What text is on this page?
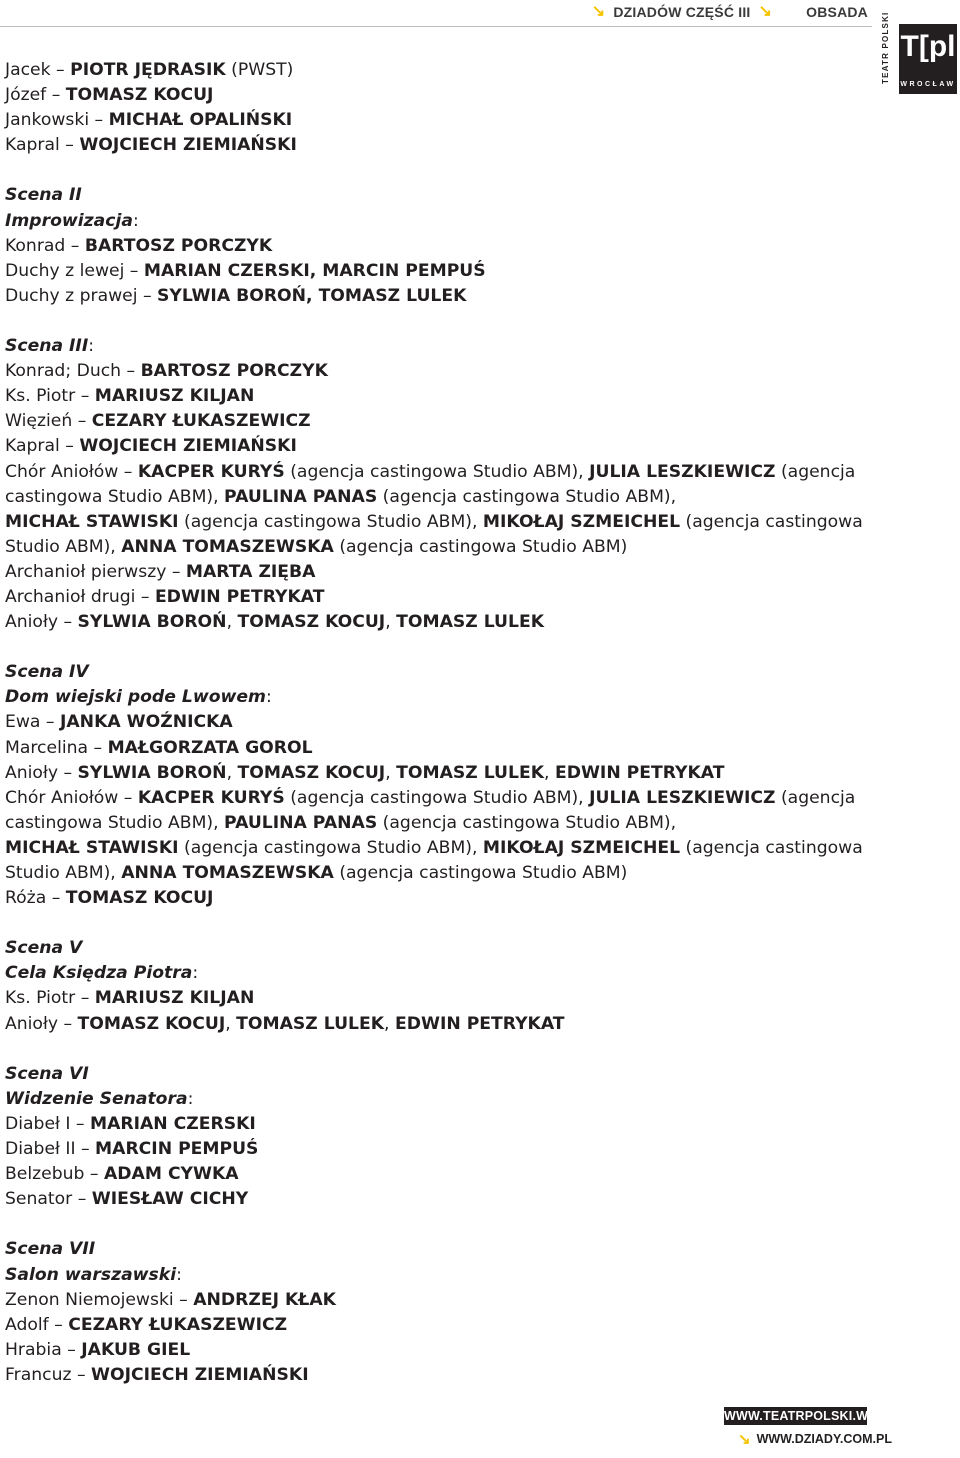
↘ DZIADÓW CZĘŚĆ III ↘ OBSADA TEATR POLSKI T[pl
WROCŁAW
Jacek – PIOTR JĘDRASIK (PWST)
Józef – TOMASZ KOCUJ
Jankowski – MICHAŁ OPALIŃSKI
Kapral – WOJCIECH ZIEMIAŃSKI
Scena II
Improwizacja:
Konrad – BARTOSZ PORCZYK
Duchy z lewej – MARIAN CZERSKI, MARCIN PEMPUŚ
Duchy z prawej – SYLWIA BOROŃ, TOMASZ LULEK
Scena III:
Konrad; Duch – BARTOSZ PORCZYK
Ks. Piotr – MARIUSZ KILJAN
Więzień – CEZARY ŁUKASZEWICZ
Kapral – WOJCIECH ZIEMIAŃSKI
Chór Aniołów – KACPER KURYŚ (agencja castingowa Studio ABM), JULIA LESZKIEWICZ (agencja
castingowa Studio ABM), PAULINA PANAS (agencja castingowa Studio ABM),
MICHAŁ STAWISKI (agencja castingowa Studio ABM), MIKOŁAJ SZMEICHEL (agencja castingowa
Studio ABM), ANNA TOMASZEWSKA (agencja castingowa Studio ABM)
Archanioł pierwszy – MARTA ZIĘBA
Archanioł drugi – EDWIN PETRYKAT
Anioły – SYLWIA BOROŃ, TOMASZ KOCUJ, TOMASZ LULEK
Scena IV
Dom wiejski pode Lwowem:
Ewa – JANKA WOŹNICKA
Marcelina – MAŁGORZATA GOROL
Anioły – SYLWIA BOROŃ, TOMASZ KOCUJ, TOMASZ LULEK, EDWIN PETRYKAT
Chór Aniołów – KACPER KURYŚ (agencja castingowa Studio ABM), JULIA LESZKIEWICZ (agencja
castingowa Studio ABM), PAULINA PANAS (agencja castingowa Studio ABM),
MICHAŁ STAWISKI (agencja castingowa Studio ABM), MIKOŁAJ SZMEICHEL (agencja castingowa
Studio ABM), ANNA TOMASZEWSKA (agencja castingowa Studio ABM)
Róża – TOMASZ KOCUJ
Scena V
Cela Księdza Piotra:
Ks. Piotr – MARIUSZ KILJAN
Anioły – TOMASZ KOCUJ, TOMASZ LULEK, EDWIN PETRYKAT
Scena VI
Widzenie Senatora:
Diabeł I – MARIAN CZERSKI
Diabeł II – MARCIN PEMPUŚ
Belzebub – ADAM CYWKA
Senator – WIESŁAW CICHY
Scena VII
Salon warszawski:
Zenon Niemojewski – ANDRZEJ KŁAK
Adolf – CEZARY ŁUKASZEWICZ
Hrabia – JAKUB GIEL
Francuz – WOJCIECH ZIEMIAŃSKI
WWW.TEATRPOLSKI.WROC.PL
↘ WWW.DZIADY.COM.PL
